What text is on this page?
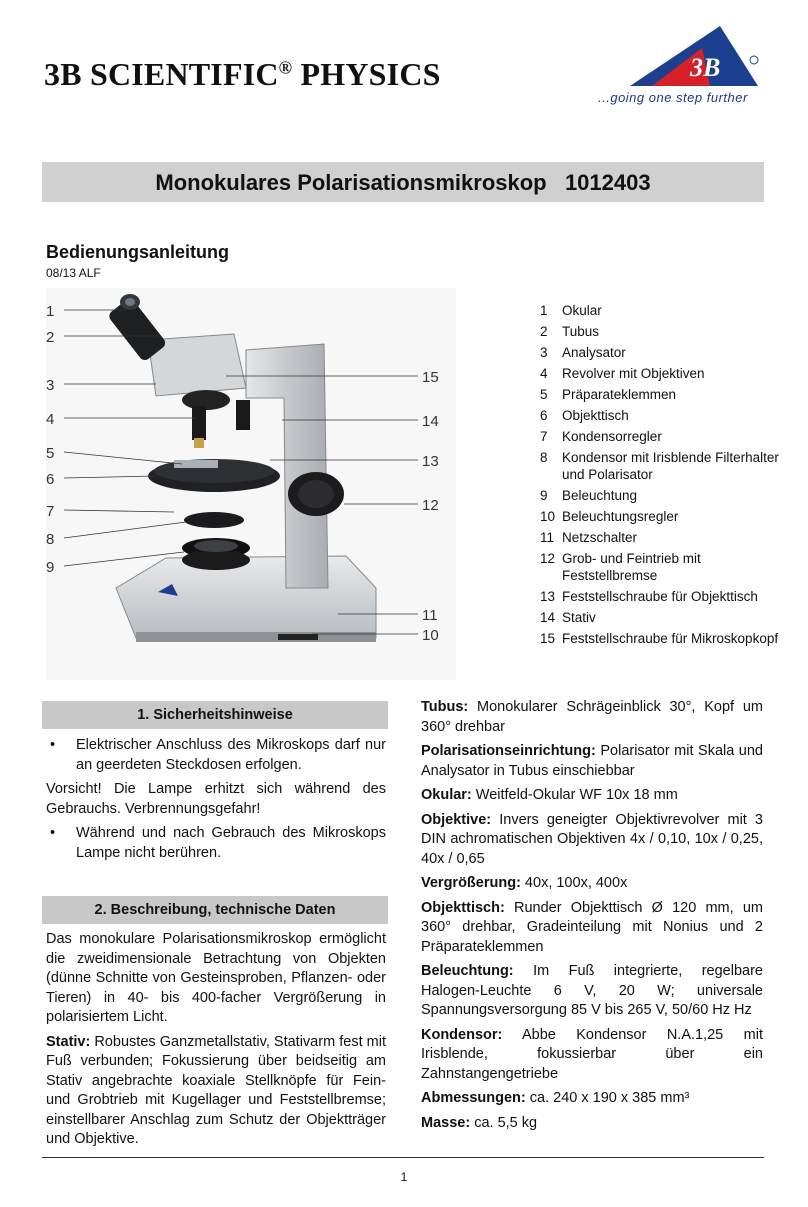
3B SCIENTIFIC® PHYSICS	3B
...going one step further
Monokulares Polarisationsmikroskop   1012403
Bedienungsanleitung
08/13 ALF
1
2
3
4
5
6
7
8
9
15
14
13
12
11
10
1	Okular
2	Tubus
3	Analysator
4	Revolver mit Objektiven
5	Präparateklemmen
6	Objekttisch
7	Kondensorregler
8	Kondensor mit Irisblende Filterhalter und Polarisator
9	Beleuchtung
10 Beleuchtungsregler
11 Netzschalter
12 Grob- und Feintrieb mit Feststellbremse
13 Feststellschraube für Objekttisch
14 Stativ
15 Feststellschraube für Mikroskopkopf
1. Sicherheitshinweise
•	Elektrischer Anschluss des Mikroskops darf nur an geerdeten Steckdosen erfolgen.

Vorsicht! Die Lampe erhitzt sich während des Gebrauchs. Verbrennungsgefahr!

•	Während und nach Gebrauch des Mikroskops Lampe nicht berühren.
2. Beschreibung, technische Daten

Das monokulare Polarisationsmikroskop ermöglicht die zweidimensionale Betrachtung von Objekten (dünne Schnitte von Gesteinsproben, Pflanzen- oder Tieren) in 40- bis 400-facher Vergrößerung in polarisiertem Licht.

Stativ: Robustes Ganzmetallstativ, Stativarm fest mit Fuß verbunden; Fokussierung über beidseitig am Stativ angebrachte koaxiale Stellknöpfe für Fein- und Grobtrieb mit Kugellager und Feststellbremse; einstellbarer Anschlag zum Schutz der Objektträger und Objektive.

Tubus: Monokularer Schrägeinblick 30°, Kopf um 360° drehbar

Polarisationseinrichtung: Polarisator mit Skala und Analysator in Tubus einschiebbar

Okular: Weitfeld-Okular WF 10x 18 mm

Objektive: Invers geneigter Objektivrevolver mit 3 DIN achromatischen Objektiven 4x / 0,10, 10x / 0,25, 40x / 0,65

Vergrößerung: 40x, 100x, 400x

Objekttisch: Runder Objekttisch Ø 120 mm, um 360° drehbar, Gradeinteilung mit Nonius und 2 Präparateklemmen

Beleuchtung: Im Fuß integrierte, regelbare Halogen-Leuchte 6 V, 20 W; universale Spannungsversorgung 85 V bis 265 V, 50/60 Hz Hz

Kondensor: Abbe Kondensor N.A.1,25 mit Irisblende, fokussierbar über ein Zahnstangengetriebe

Abmessungen: ca. 240 x 190 x 385 mm³

Masse: ca. 5,5 kg

1
